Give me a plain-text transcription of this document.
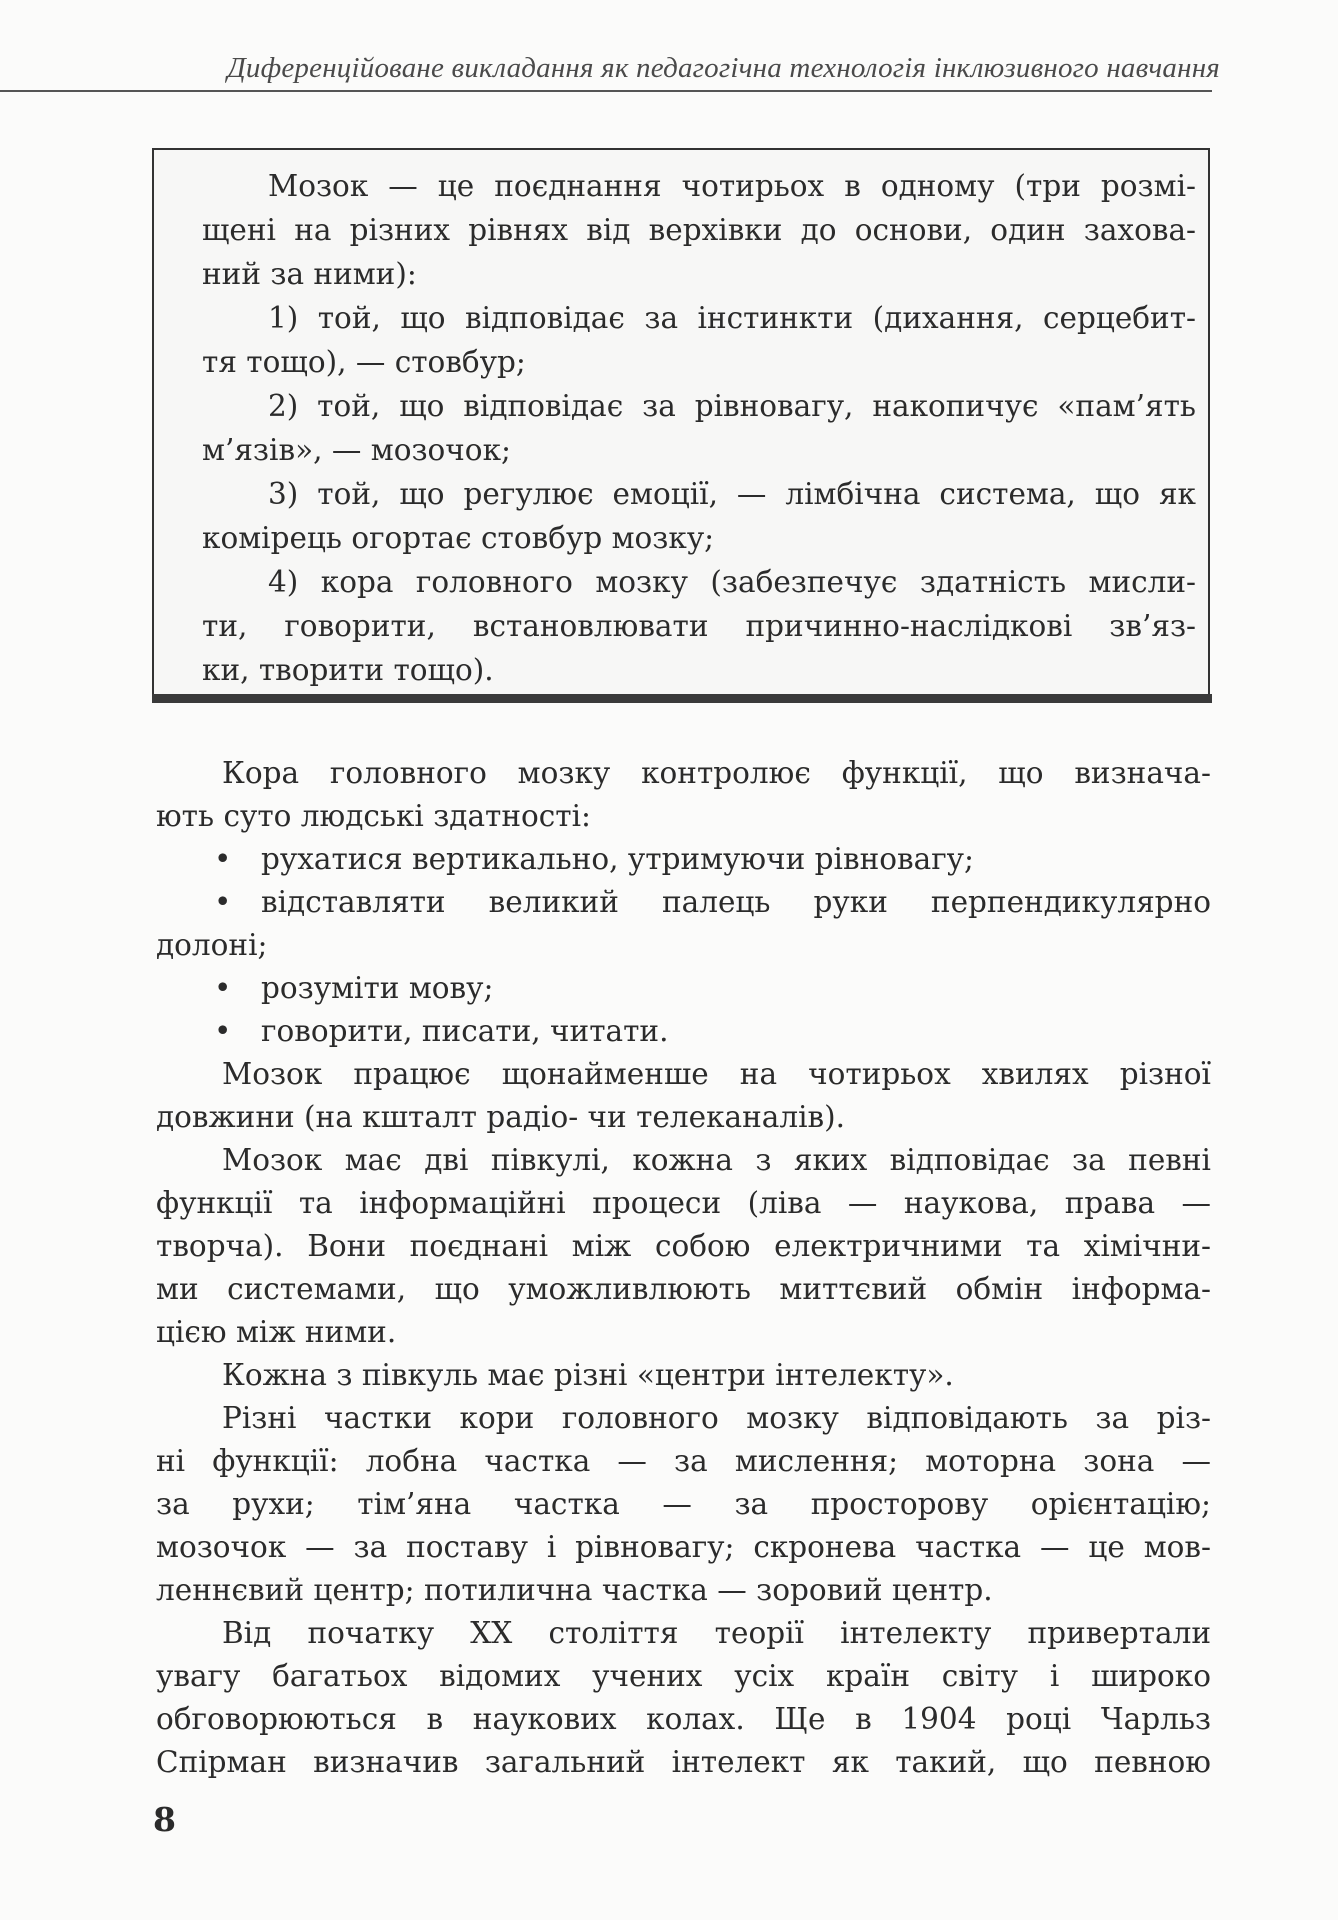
Диференційоване викладання як педагогічна технологія інклюзивного навчання
Мозок — це поєднання чотирьох в одному (три розмі-
щені на різних рівнях від верхівки до основи, один захова-
ний за ними):
1) той, що відповідає за інстинкти (дихання, серцебит-
тя тощо), — стовбур;
2) той, що відповідає за рівновагу, накопичує «пам’ять
м’язів», — мозочок;
3) той, що регулює емоції, — лімбічна система, що як
комірець огортає стовбур мозку;
4) кора головного мозку (забезпечує здатність мисли-
ти, говорити, встановлювати причинно-наслідкові зв’яз-
ки, творити тощо).
Кора головного мозку контролює функції, що визнача-
ють суто людські здатності:
• рухатися вертикально, утримуючи рівновагу;
• відставляти великий палець руки перпендикулярно
долоні;
• розуміти мову;
• говорити, писати, читати.
Мозок працює щонайменше на чотирьох хвилях різної
довжини (на кшталт радіо- чи телеканалів).
Мозок має дві півкулі, кожна з яких відповідає за певні
функції та інформаційні процеси (ліва — наукова, права —
творча). Вони поєднані між собою електричними та хімічни-
ми системами, що уможливлюють миттєвий обмін інформа-
цією між ними.
Кожна з півкуль має різні «центри інтелекту».
Різні частки кори головного мозку відповідають за різ-
ні функції: лобна частка — за мислення; моторна зона —
за рухи; тім’яна частка — за просторову орієнтацію;
мозочок — за поставу і рівновагу; скронева частка — це мов-
леннєвий центр; потилична частка — зоровий центр.
Від початку XX століття теорії інтелекту привертали
увагу багатьох відомих учених усіх країн світу і широко
обговорюються в наукових колах. Ще в 1904 році Чарльз
Спірман визначив загальний інтелект як такий, що певною
8
